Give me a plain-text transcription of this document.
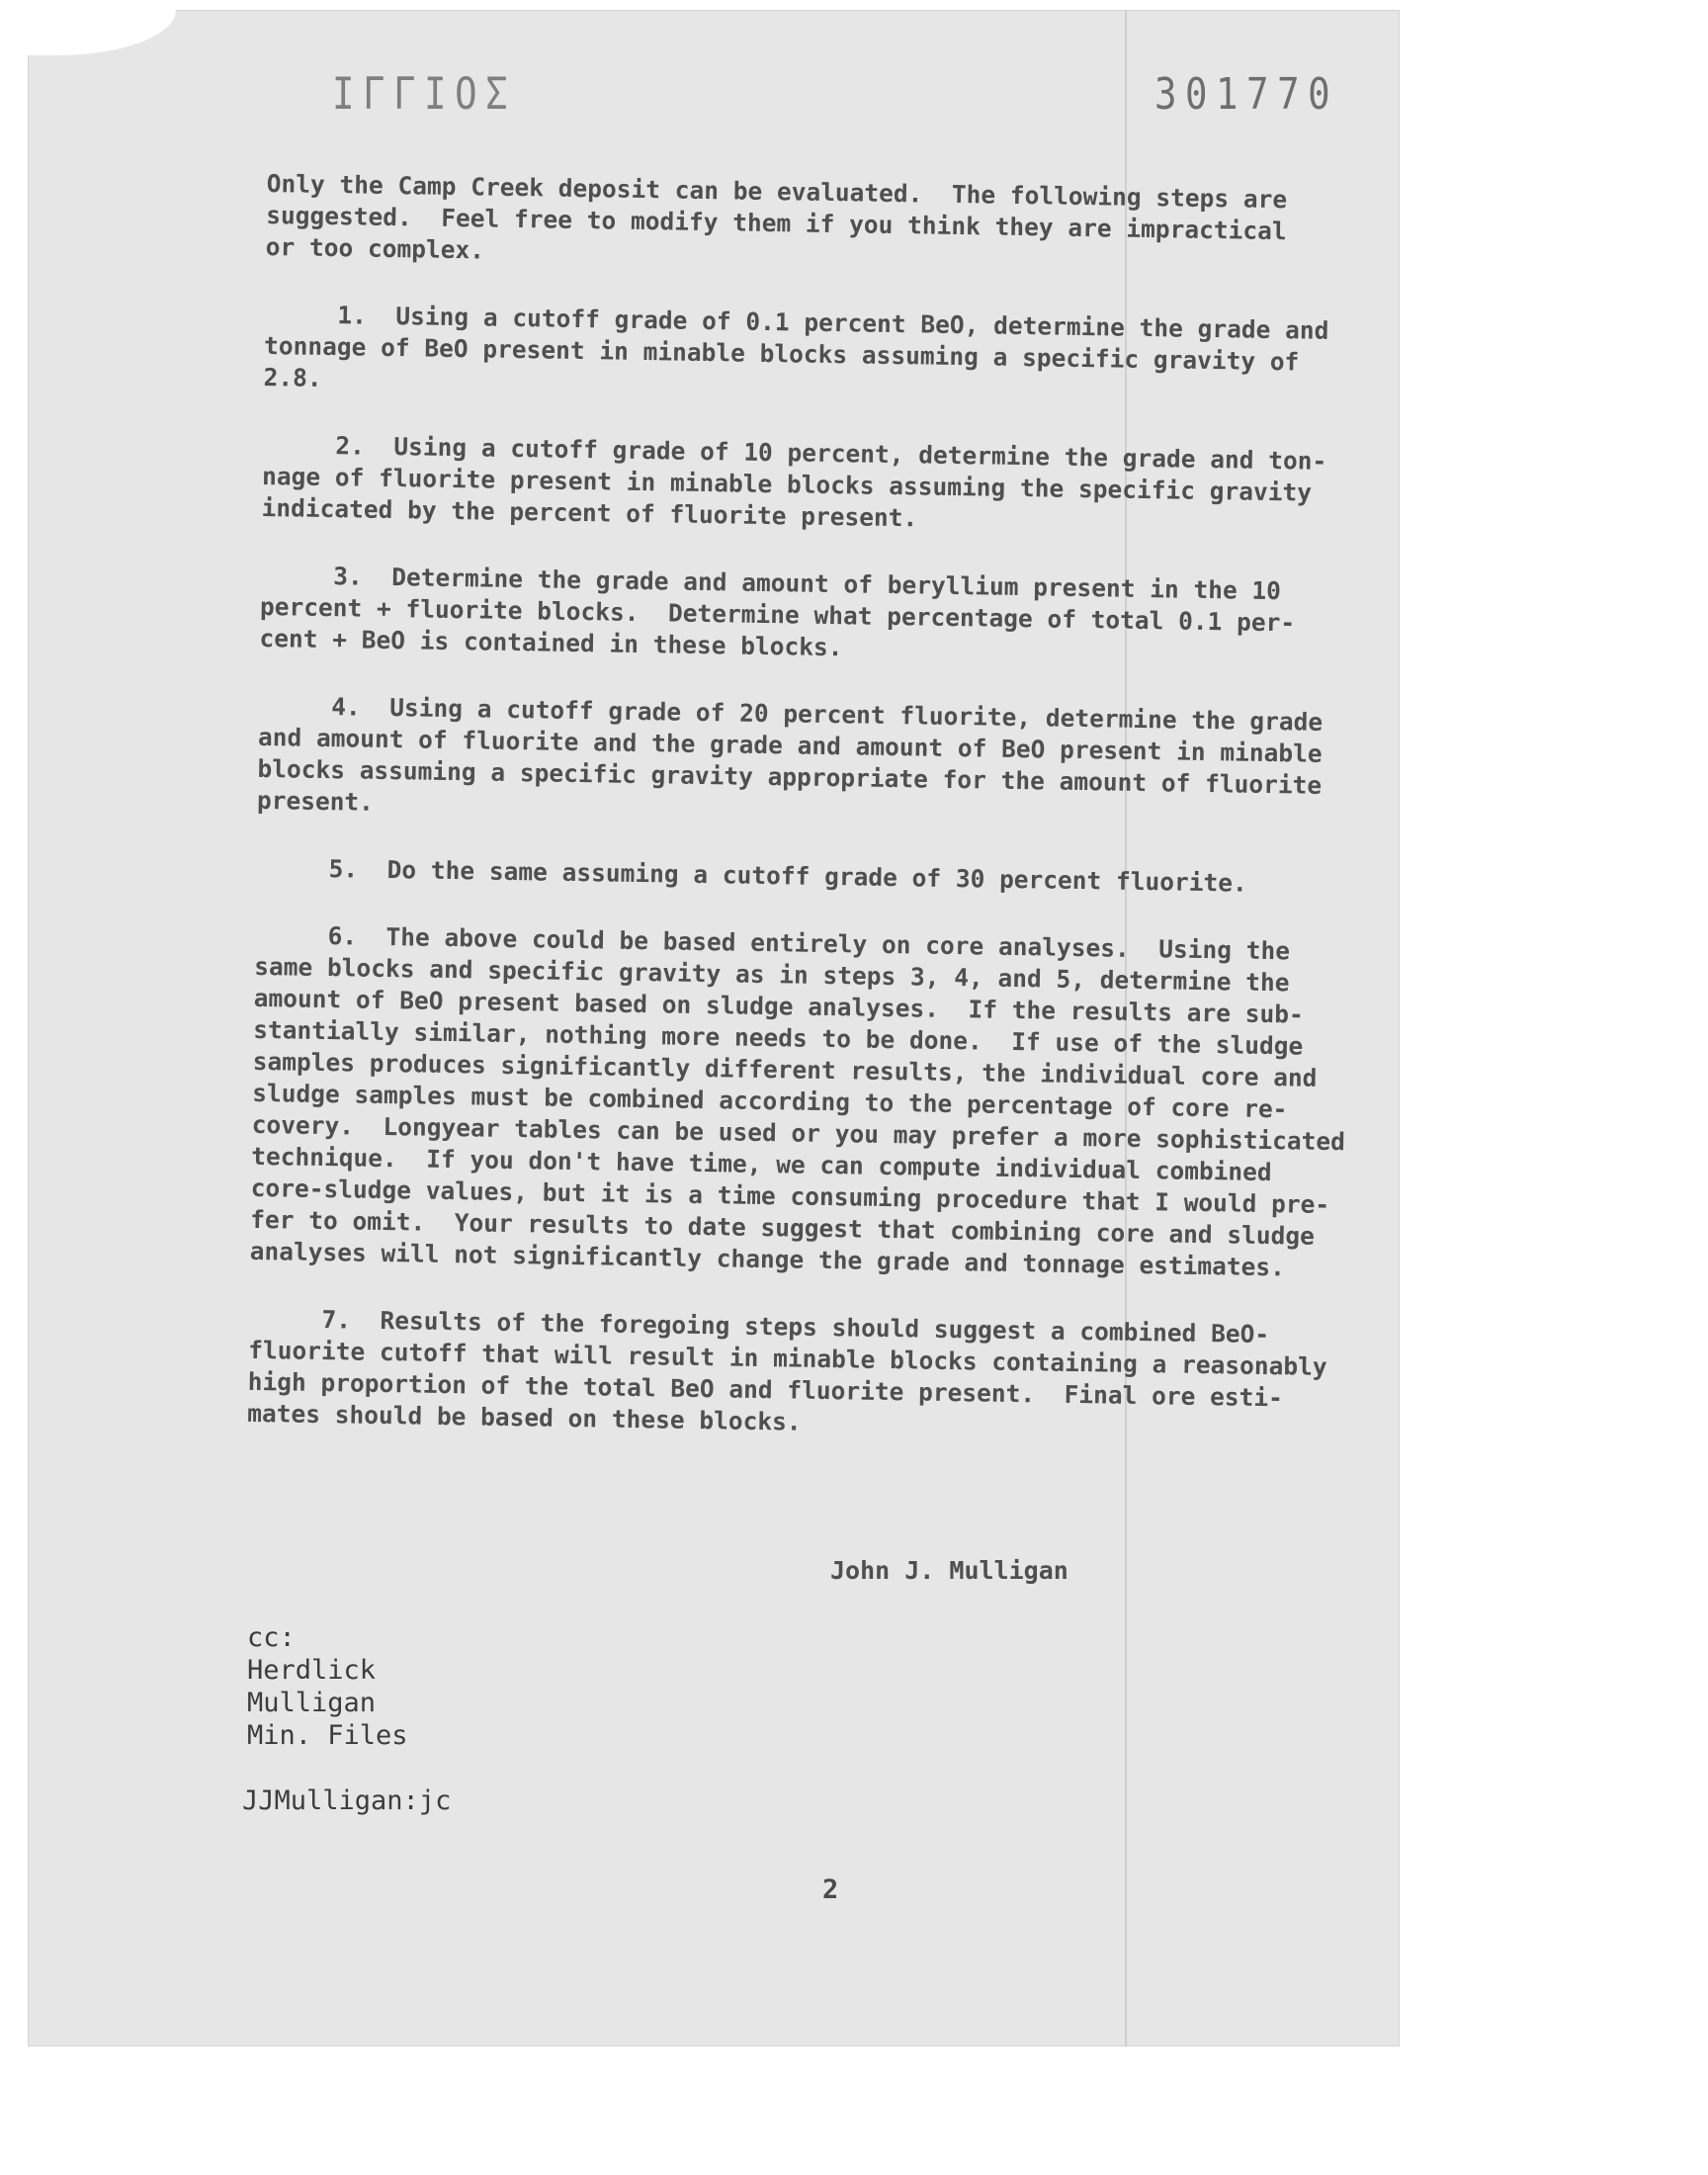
ΙΓΓΙΟΣ	301770

Only the Camp Creek deposit can be evaluated.  The following steps are
suggested.  Feel free to modify them if you think they are impractical
or too complex.

1.  Using a cutoff grade of 0.1 percent BeO, determine the grade and
tonnage of BeO present in minable blocks assuming a specific gravity of
2.8.

2.  Using a cutoff grade of 10 percent, determine the grade and ton-
nage of fluorite present in minable blocks assuming the specific gravity
indicated by the percent of fluorite present.

3.  Determine the grade and amount of beryllium present in the 10
percent + fluorite blocks.  Determine what percentage of total 0.1 per-
cent + BeO is contained in these blocks.

4.  Using a cutoff grade of 20 percent fluorite, determine the grade
and amount of fluorite and the grade and amount of BeO present in minable
blocks assuming a specific gravity appropriate for the amount of fluorite
present.

5.  Do the same assuming a cutoff grade of 30 percent fluorite.

6.  The above could be based entirely on core analyses.  Using the
same blocks and specific gravity as in steps 3, 4, and 5, determine the
amount of BeO present based on sludge analyses.  If the results are sub-
stantially similar, nothing more needs to be done.  If use of the sludge
samples produces significantly different results, the individual core and
sludge samples must be combined according to the percentage of core re-
covery.  Longyear tables can be used or you may prefer a more sophisticated
technique.  If you don't have time, we can compute individual combined
core-sludge values, but it is a time consuming procedure that I would pre-
fer to omit.  Your results to date suggest that combining core and sludge
analyses will not significantly change the grade and tonnage estimates.

7.  Results of the foregoing steps should suggest a combined BeO-
fluorite cutoff that will result in minable blocks containing a reasonably
high proportion of the total BeO and fluorite present.  Final ore esti-
mates should be based on these blocks.

John J. Mulligan
cc:
Herdlick
Mulligan
Min. Files
JJMulligan:jc
2
